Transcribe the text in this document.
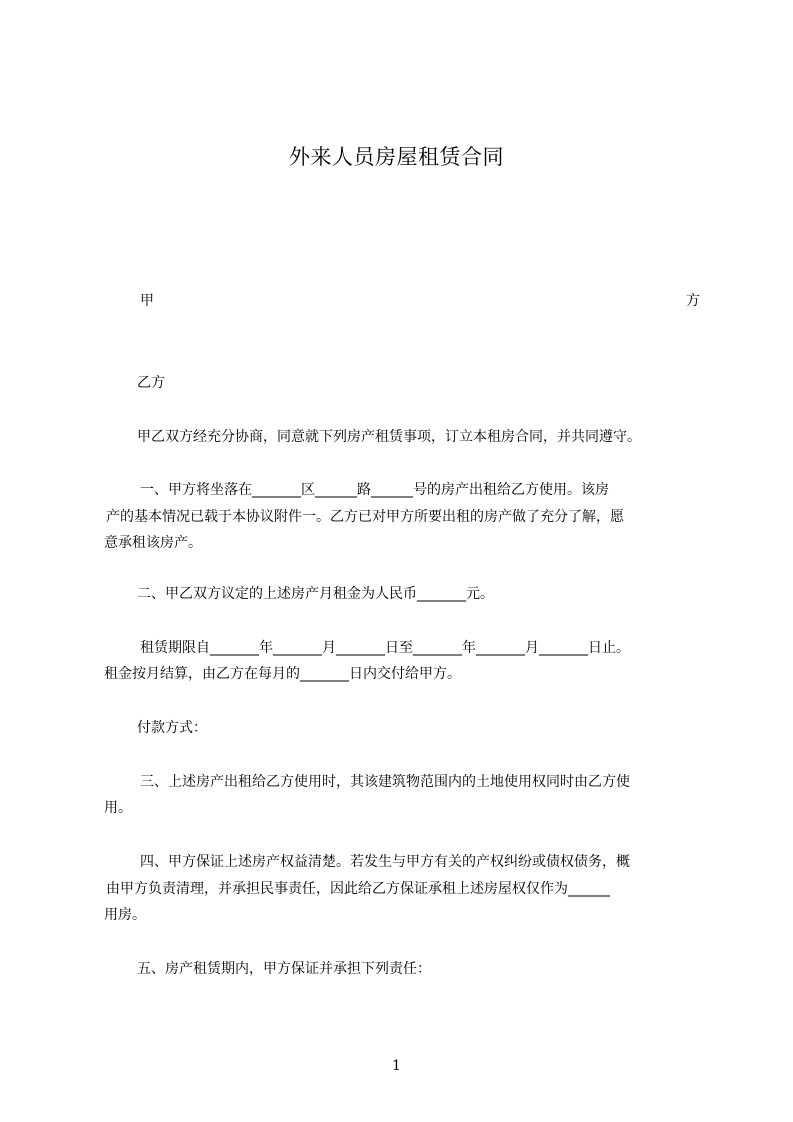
外来人员房屋租赁合同
甲	方
乙方
甲乙双方经充分协商，同意就下列房产租赁事项，订立本租房合同，并共同遵守。
一、甲方将坐落在_______区______路______号的房产出租给乙方使用。该房
产的基本情况已载于本协议附件一。乙方已对甲方所要出租的房产做了充分了解，愿
意承租该房产。
二、甲乙双方议定的上述房产月租金为人民币_______元。
租赁期限自_______年_______月_______日至_______年_______月_______日止。
租金按月结算，由乙方在每月的_______日内交付给甲方。
付款方式：
三、上述房产出租给乙方使用时，其该建筑物范围内的土地使用权同时由乙方使
用。
四、甲方保证上述房产权益清楚。若发生与甲方有关的产权纠纷或债权债务，概
由甲方负责清理，并承担民事责任，因此给乙方保证承租上述房屋权仅作为______
用房。
五、房产租赁期内，甲方保证并承担下列责任：
1
